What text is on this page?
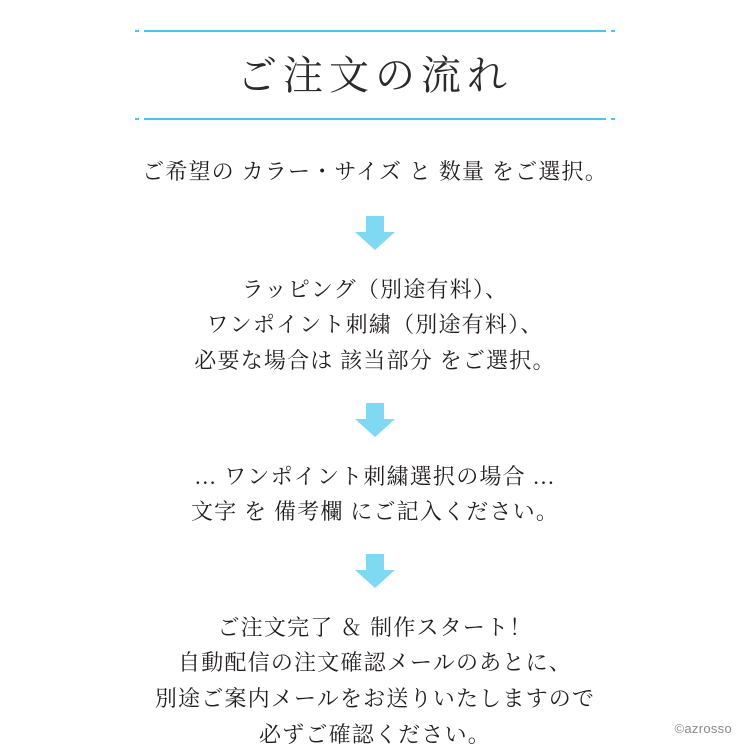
ご注文の流れ
ご希望の カラー・サイズ と 数量 をご選択。
ラッピング（別途有料）、
ワンポイント刺繍（別途有料）、
必要な場合は 該当部分 をご選択。
… ワンポイント刺繍選択の場合 …
文字 を 備考欄 にご記入ください。
ご注文完了 ＆ 制作スタート！
自動配信の注文確認メールのあとに、
別途ご案内メールをお送りいたしますので
必ずご確認ください。	©azrosso
